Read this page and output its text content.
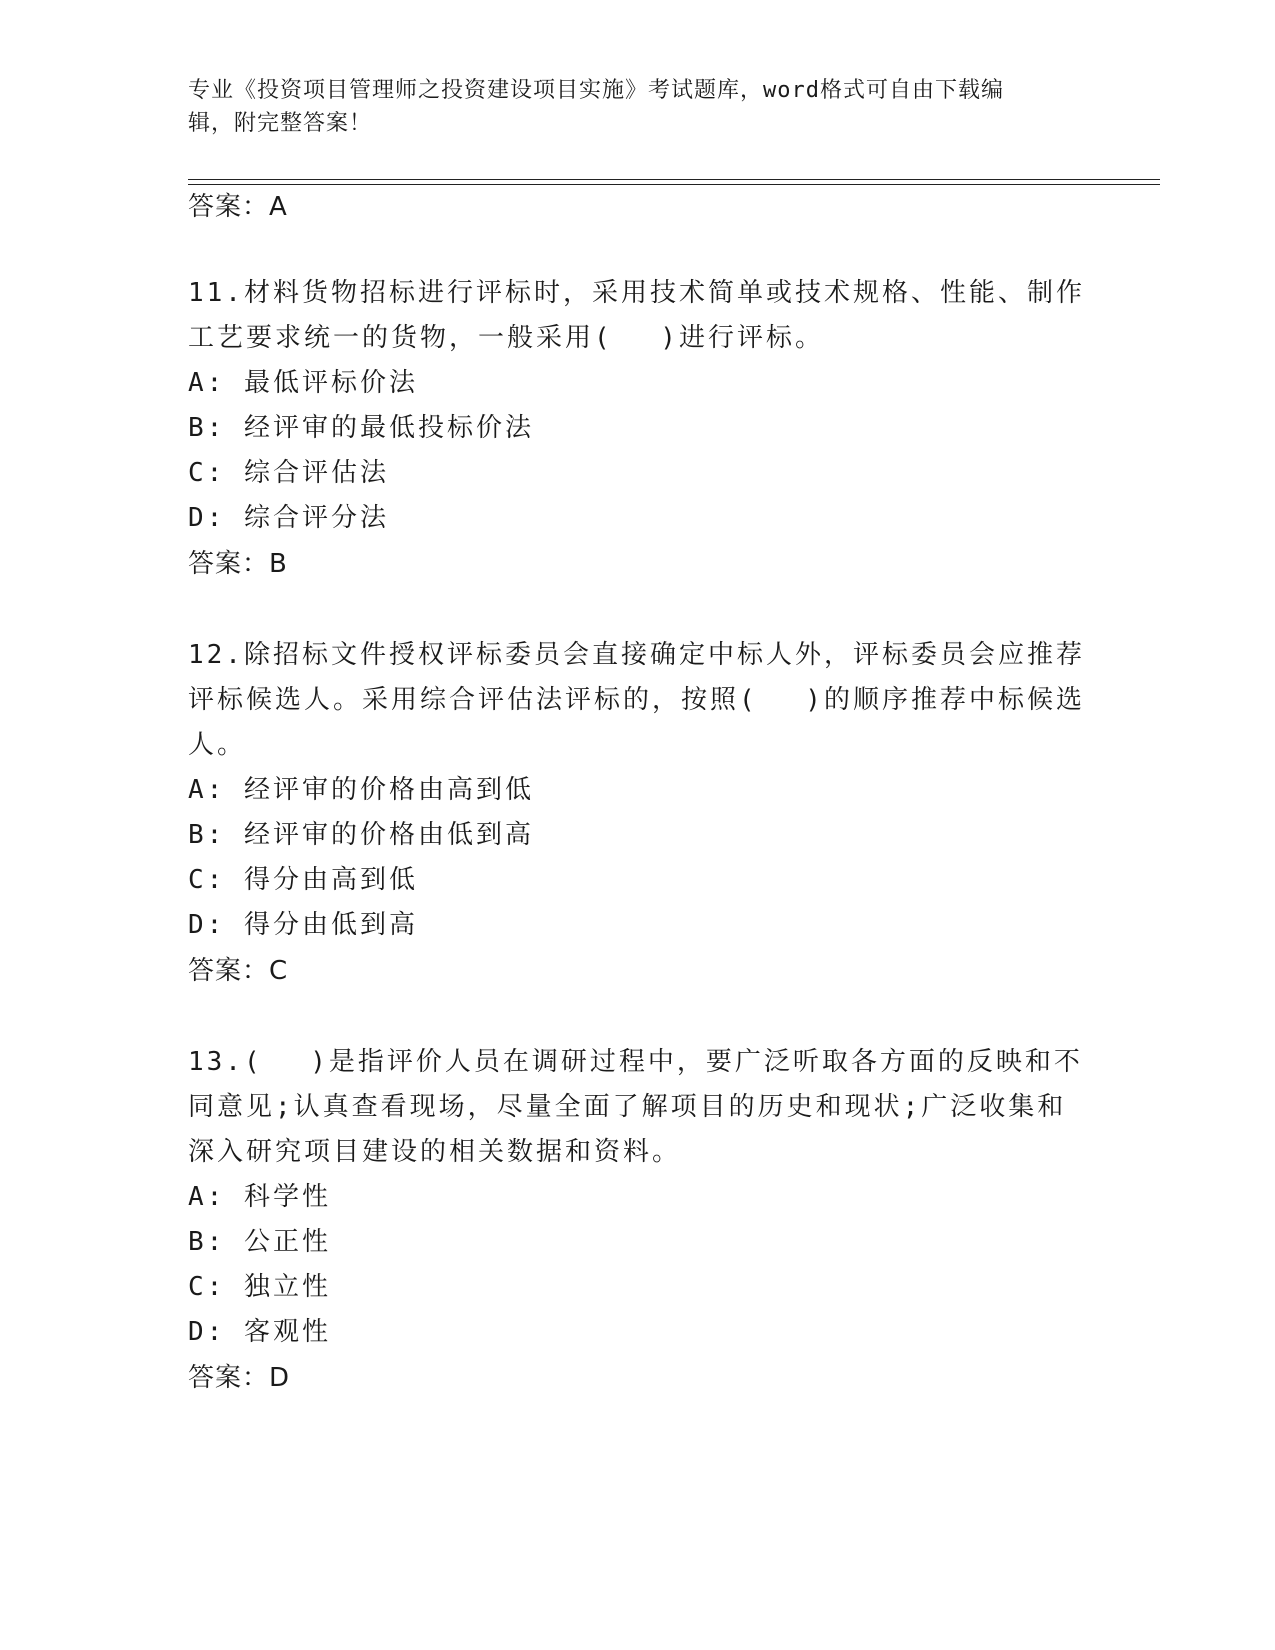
专业《投资项目管理师之投资建设项目实施》考试题库，word格式可自由下载编
辑，附完整答案！
答案：A
11.材料货物招标进行评标时，采用技术简单或技术规格、性能、制作
工艺要求统一的货物，一般采用(　 )进行评标。
A: 最低评标价法
B: 经评审的最低投标价法
C: 综合评估法
D: 综合评分法
答案：B
12.除招标文件授权评标委员会直接确定中标人外，评标委员会应推荐
评标候选人。采用综合评估法评标的，按照(　 )的顺序推荐中标候选
人。
A: 经评审的价格由高到低
B: 经评审的价格由低到高
C: 得分由高到低
D: 得分由低到高
答案：C
13.(　 )是指评价人员在调研过程中，要广泛听取各方面的反映和不
同意见;认真查看现场，尽量全面了解项目的历史和现状;广泛收集和
深入研究项目建设的相关数据和资料。
A: 科学性
B: 公正性
C: 独立性
D: 客观性
答案：D
